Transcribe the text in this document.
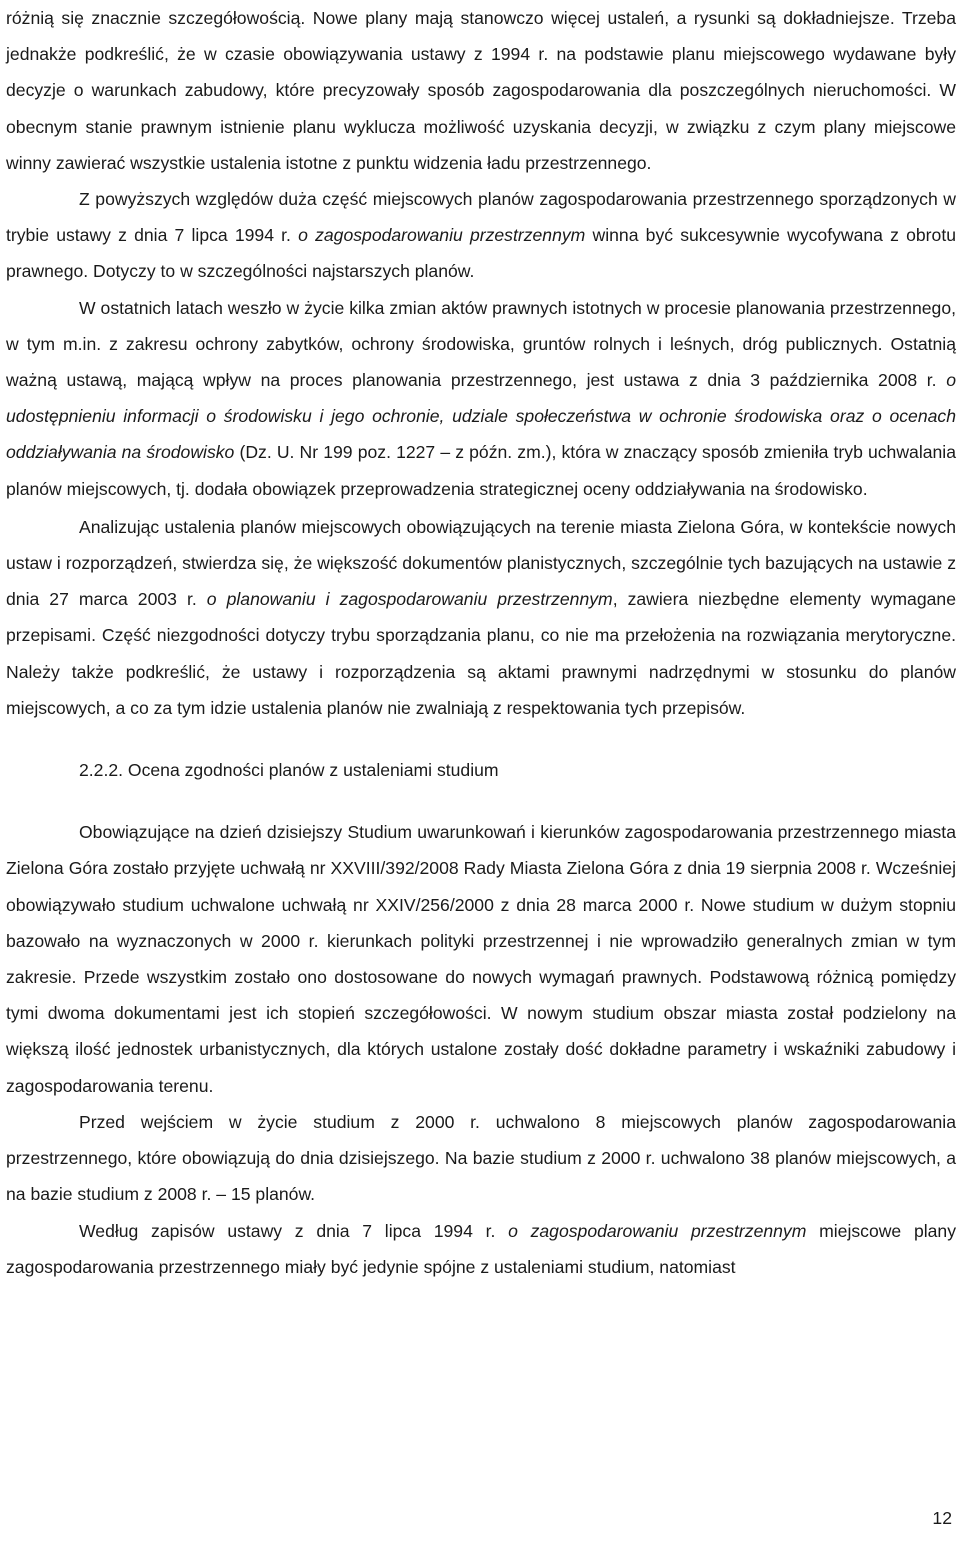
różnią się znacznie szczegółowością. Nowe plany mają stanowczo więcej ustaleń, a rysunki są dokładniejsze. Trzeba jednakże podkreślić, że w czasie obowiązywania ustawy z 1994 r. na podstawie planu miejscowego wydawane były decyzje o warunkach zabudowy, które precyzowały sposób zagospodarowania dla poszczególnych nieruchomości. W obecnym stanie prawnym istnienie planu wyklucza możliwość uzyskania decyzji, w związku z czym plany miejscowe winny zawierać wszystkie ustalenia istotne z punktu widzenia ładu przestrzennego.

Z powyższych względów duża część miejscowych planów zagospodarowania przestrzennego sporządzonych w trybie ustawy z dnia 7 lipca 1994 r. o zagospodarowaniu przestrzennym winna być sukcesywnie wycofywana z obrotu prawnego. Dotyczy to w szczególności najstarszych planów.

W ostatnich latach weszło w życie kilka zmian aktów prawnych istotnych w procesie planowania przestrzennego, w tym m.in. z zakresu ochrony zabytków, ochrony środowiska, gruntów rolnych i leśnych, dróg publicznych. Ostatnią ważną ustawą, mającą wpływ na proces planowania przestrzennego, jest ustawa z dnia 3 października 2008 r. o udostępnieniu informacji o środowisku i jego ochronie, udziale społeczeństwa w ochronie środowiska oraz o ocenach oddziaływania na środowisko (Dz. U. Nr 199 poz. 1227 – z późn. zm.), która w znaczący sposób zmieniła tryb uchwalania planów miejscowych, tj. dodała obowiązek przeprowadzenia strategicznej oceny oddziaływania na środowisko.

Analizując ustalenia planów miejscowych obowiązujących na terenie miasta Zielona Góra, w kontekście nowych ustaw i rozporządzeń, stwierdza się, że większość dokumentów planistycznych, szczególnie tych bazujących na ustawie z dnia 27 marca 2003 r. o planowaniu i zagospodarowaniu przestrzennym, zawiera niezbędne elementy wymagane przepisami. Część niezgodności dotyczy trybu sporządzania planu, co nie ma przełożenia na rozwiązania merytoryczne. Należy także podkreślić, że ustawy i rozporządzenia są aktami prawnymi nadrzędnymi w stosunku do planów miejscowych, a co za tym idzie ustalenia planów nie zwalniają z respektowania tych przepisów.

2.2.2. Ocena zgodności planów z ustaleniami studium

Obowiązujące na dzień dzisiejszy Studium uwarunkowań i kierunków zagospodarowania przestrzennego miasta Zielona Góra zostało przyjęte uchwałą nr XXVIII/392/2008 Rady Miasta Zielona Góra z dnia 19 sierpnia 2008 r. Wcześniej obowiązywało studium uchwalone uchwałą nr XXIV/256/2000 z dnia 28 marca 2000 r. Nowe studium w dużym stopniu bazowało na wyznaczonych w 2000 r. kierunkach polityki przestrzennej i nie wprowadziło generalnych zmian w tym zakresie. Przede wszystkim zostało ono dostosowane do nowych wymagań prawnych. Podstawową różnicą pomiędzy tymi dwoma dokumentami jest ich stopień szczegółowości. W nowym studium obszar miasta został podzielony na większą ilość jednostek urbanistycznych, dla których ustalone zostały dość dokładne parametry i wskaźniki zabudowy i zagospodarowania terenu.

Przed wejściem w życie studium z 2000 r. uchwalono 8 miejscowych planów zagospodarowania przestrzennego, które obowiązują do dnia dzisiejszego. Na bazie studium z 2000 r. uchwalono 38 planów miejscowych, a na bazie studium z 2008 r. – 15 planów.

Według zapisów ustawy z dnia 7 lipca 1994 r. o zagospodarowaniu przestrzennym miejscowe plany zagospodarowania przestrzennego miały być jedynie spójne z ustaleniami studium, natomiast

12
